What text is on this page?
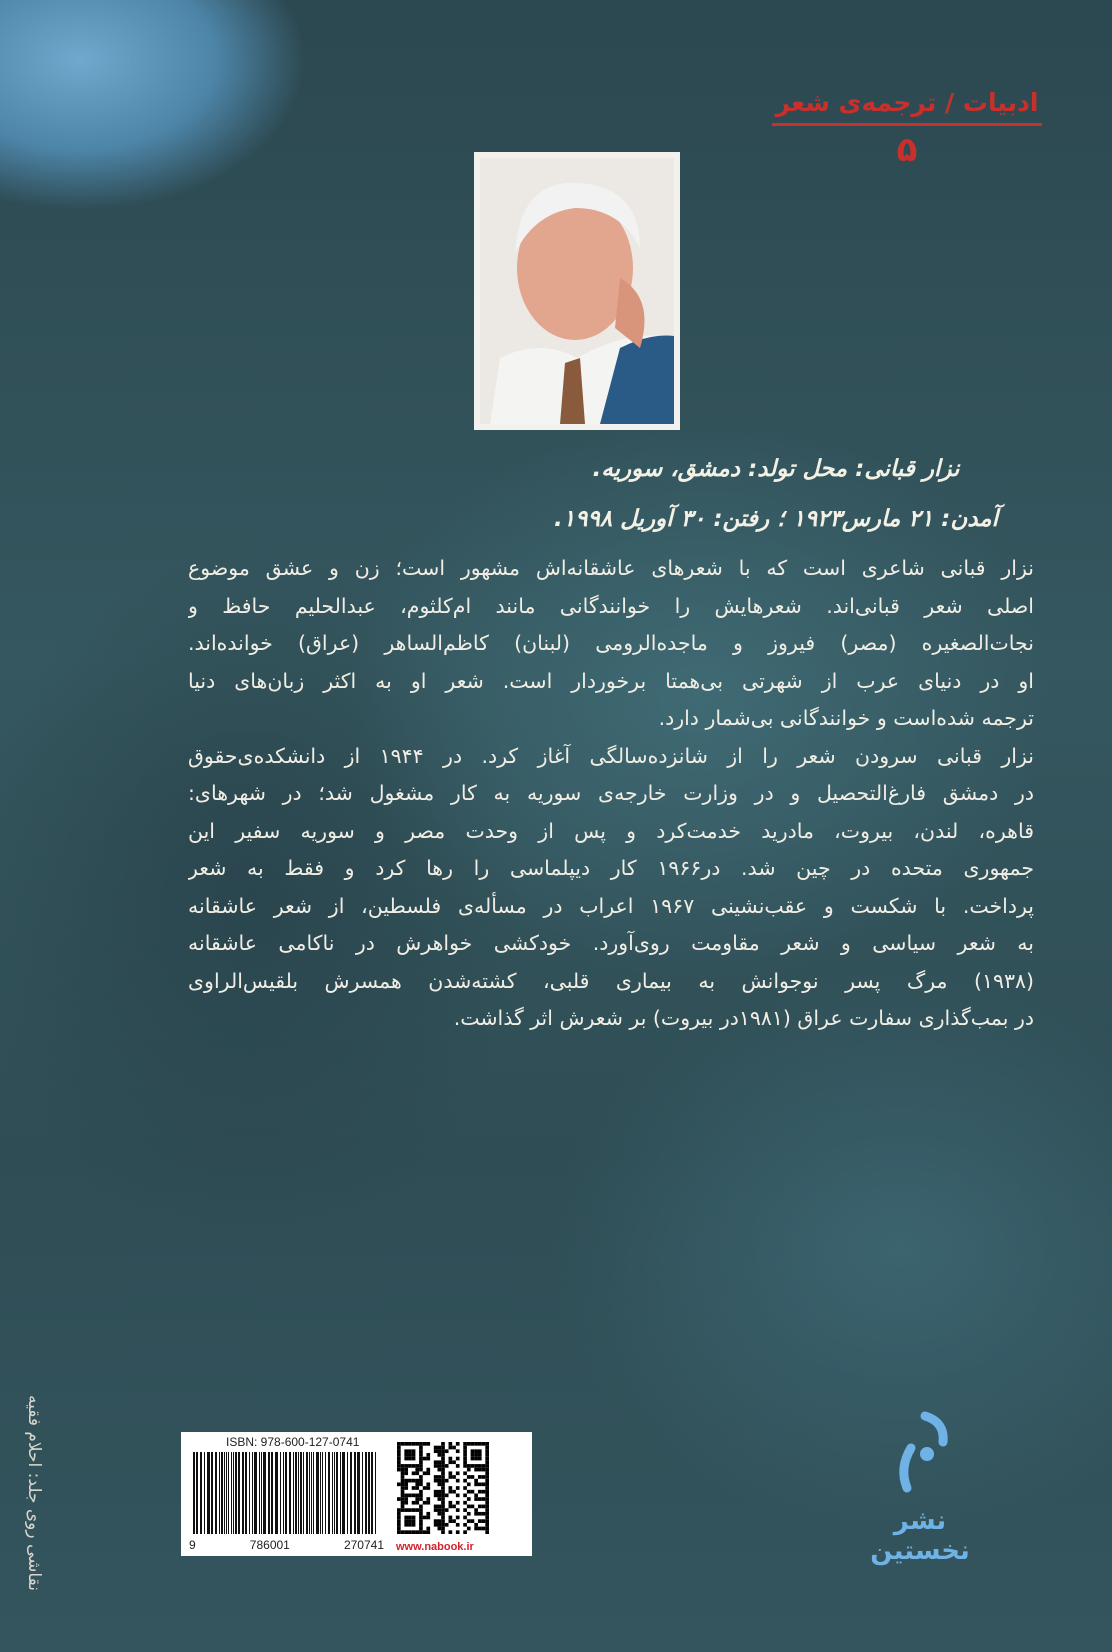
ادبیات / ترجمه‌ی شعر
۵
نزار قبانی: محل تولد: دمشق، سوریه.
آمدن: ۲۱ مارس۱۹۲۳ ؛ رفتن: ۳۰ آوریل ۱۹۹۸.
نزار قبانی شاعری است که با شعرهای عاشقانه‌اش مشهور است؛ زن و عشق موضوع
اصلی شعر قبانی‌اند. شعرهایش را خوانندگانی مانند ام‌کلثوم، عبدالحلیم حافظ و
نجات‌الصغیره (مصر) فیروز و ماجده‌الرومی (لبنان) کاظم‌الساهر (عراق) خوانده‌اند.
او در دنیای عرب از شهرتی بی‌همتا برخوردار است. شعر او به اکثر زبان‌های دنیا
ترجمه شده‌است و خوانندگانی بی‌شمار دارد.
نزار قبانی سرودن شعر را از شانزده‌سالگی آغاز کرد. در ۱۹۴۴ از دانشکده‌ی‌حقوق
در دمشق فارغ‌التحصیل و در وزارت خارجه‌ی سوریه به کار مشغول شد؛ در شهرهای:
قاهره، لندن، بیروت، مادرید خدمت‌کرد و پس از وحدت مصر و سوریه سفیر این
جمهوری متحده در چین شد. در۱۹۶۶ کار دیپلماسی را رها کرد و فقط به شعر
پرداخت. با شکست و عقب‌نشینی ۱۹۶۷ اعراب در مسأله‌ی فلسطین، از شعر عاشقانه
به شعر سیاسی و شعر مقاومت روی‌آورد. خودکشی خواهرش در ناکامی عاشقانه
(۱۹۳۸) مرگ پسر نوجوانش به بیماری قلبی، کشته‌شدن همسرش بلقیس‌الراوی
در بمب‌گذاری سفارت عراق (۱۹۸۱در بیروت) بر شعرش اثر گذاشت.
نقاشی روی جلد: احلام فقیه	ISBN: 978-600-127-0741
9	786001	270741 www.nabook.ir
نشر نخستین
